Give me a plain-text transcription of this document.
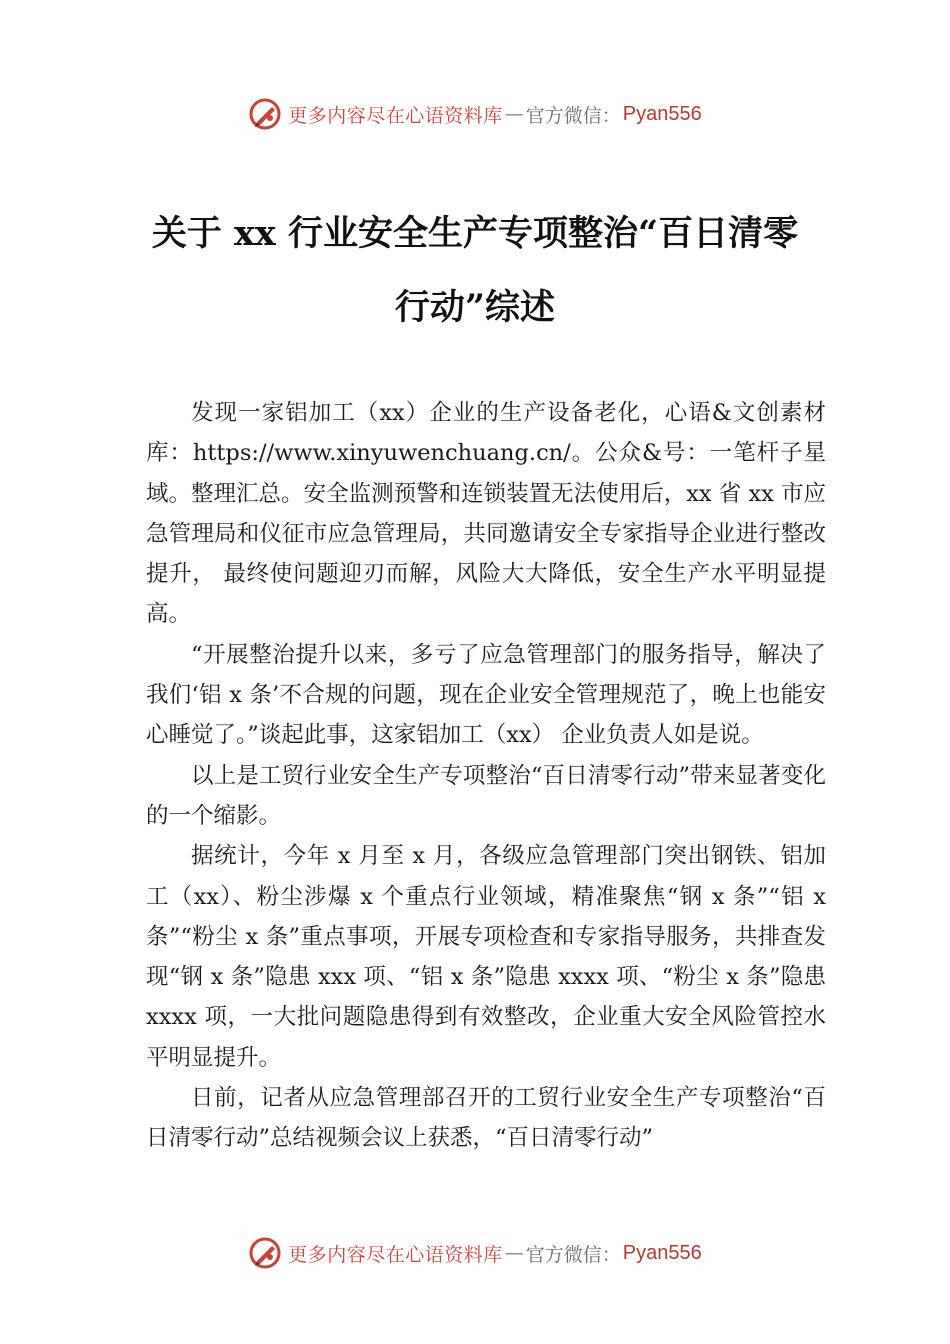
更多内容尽在心语资料库 — 官方微信： Pyan556
关于 xx 行业安全生产专项整治“百日清零
行动”综述

发现一家铝加工（xx）企业的生产设备老化，心语&文创素材库：https://www.xinyuwenchuang.cn/。公众&号：一笔杆子星域。整理汇总。安全监测预警和连锁装置无法使用后，xx 省 xx 市应急管理局和仪征市应急管理局，共同邀请安全专家指导企业进行整改提升， 最终使问题迎刃而解，风险大大降低，安全生产水平明显提高。

“开展整治提升以来，多亏了应急管理部门的服务指导，解决了我们‘铝 x 条’不合规的问题，现在企业安全管理规范了，晚上也能安心睡觉了。”谈起此事，这家铝加工（xx） 企业负责人如是说。

以上是工贸行业安全生产专项整治“百日清零行动”带来显著变化的一个缩影。

据统计，今年 x 月至 x 月，各级应急管理部门突出钢铁、铝加工（xx）、粉尘涉爆 x 个重点行业领域，精准聚焦“钢 x 条”“铝 x 条”“粉尘 x 条”重点事项，开展专项检查和专家指导服务，共排查发现“钢 x 条”隐患 xxx 项、“铝 x 条”隐患 xxxx 项、“粉尘 x 条”隐患 xxxx 项，一大批问题隐患得到有效整改，企业重大安全风险管控水平明显提升。

日前，记者从应急管理部召开的工贸行业安全生产专项整治“百日清零行动”总结视频会议上获悉，“百日清零行动”

更多内容尽在心语资料库 — 官方微信： Pyan556
